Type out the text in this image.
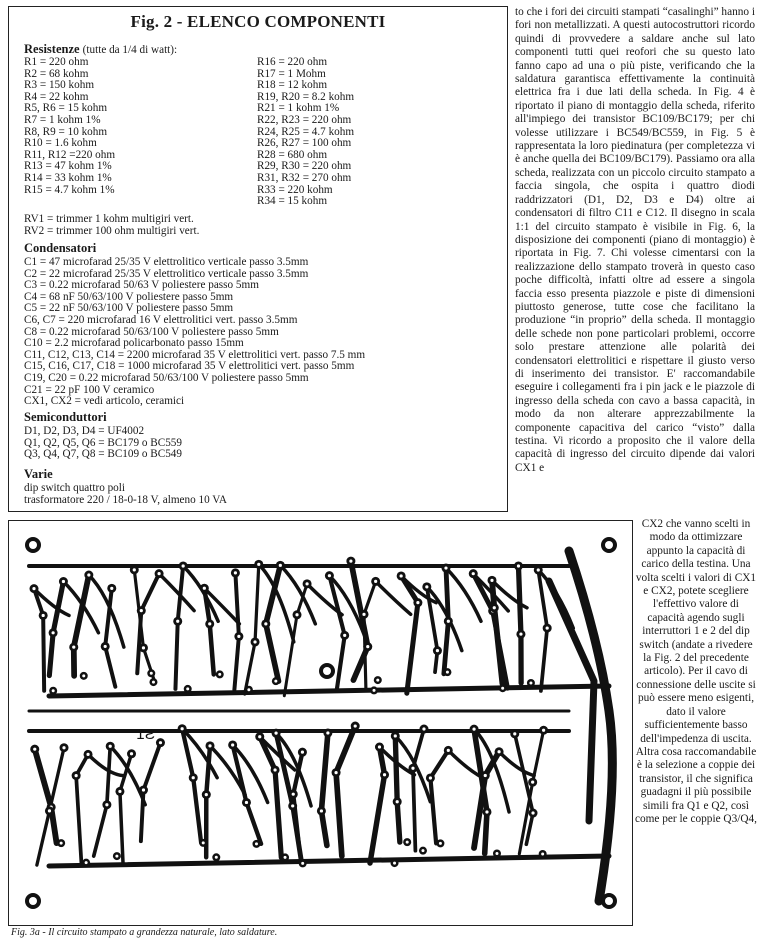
Fig. 2 - ELENCO COMPONENTI
Resistenze (tutte da 1/4 di watt):
R1 = 220 ohm
R2 = 68 kohm
R3 = 150 kohm
R4 = 22 kohm
R5, R6 = 15 kohm
R7 = 1 kohm 1%
R8, R9 = 10 kohm
R10 = 1.6 kohm
R11, R12 =220 ohm
R13 = 47 kohm 1%
R14 = 33 kohm 1%
R15 = 4.7 kohm 1%
R16 = 220 ohm
R17 = 1 Mohm
R18 = 12 kohm
R19, R20 = 8.2 kohm
R21 = 1 kohm 1%
R22, R23 = 220 ohm
R24, R25 = 4.7 kohm
R26, R27 = 100 ohm
R28 = 680 ohm
R29, R30 = 220 ohm
R31, R32 = 270 ohm
R33 = 220 kohm
R34 = 15 kohm
RV1 = trimmer 1 kohm multigiri vert.
RV2 = trimmer 100 ohm multigiri vert.
Condensatori
C1 = 47 microfarad 25/35 V elettrolitico verticale passo 3.5mm
C2 = 22 microfarad 25/35 V elettrolitico verticale passo 3.5mm
C3 = 0.22 microfarad 50/63 V poliestere passo 5mm
C4 = 68 nF 50/63/100 V poliestere passo 5mm
C5 = 22 nF 50/63/100 V poliestere passo 5mm
C6, C7 = 220 microfarad 16 V elettrolitici vert. passo 3.5mm
C8 = 0.22 microfarad 50/63/100 V poliestere passo 5mm
C10 = 2.2 microfarad policarbonato passo 15mm
C11, C12, C13, C14 = 2200 microfarad 35 V elettrolitici vert. passo 7.5 mm
C15, C16, C17, C18 = 1000 microfarad 35 V elettrolitici vert. passo 5mm
C19, C20 = 0.22 microfarad 50/63/100 V poliestere passo 5mm
C21 = 22 pF 100 V ceramico
CX1, CX2 = vedi articolo, ceramici
Semiconduttori
D1, D2, D3, D4 = UF4002
Q1, Q2, Q5, Q6 = BC179 o BC559
Q3, Q4, Q7, Q8 = BC109 o BC549
Varie
dip switch quattro poli
trasformatore 220 / 18-0-18 V, almeno 10 VA

to che i fori dei circuiti stampati “casalinghi” hanno i fori non metallizzati. A questi autocostruttori ricordo quindi di provvedere a saldare anche sul lato componenti tutti quei reofori che su questo lato fanno capo ad una o più piste, verificando che la saldatura garantisca effettivamente la continuità elettrica fra i due lati della scheda. In Fig. 4 è riportato il piano di montaggio della scheda, riferito all'impiego dei transistor BC109/BC179; per chi volesse utilizzare i BC549/BC559, in Fig. 5 è rappresentata la loro piedinatura (per completezza vi è anche quella dei BC109/BC179). Passiamo ora alla scheda, realizzata con un piccolo circuito stampato a faccia singola, che ospita i quattro diodi raddrizzatori (D1, D2, D3 e D4) oltre ai condensatori di filtro C11 e C12. Il disegno in scala 1:1 del circuito stampato è visibile in Fig. 6, la disposizione dei componenti (piano di montaggio) è riportata in Fig. 7. Chi volesse cimentarsi con la realizzazione dello stampato troverà in questo caso poche difficoltà, infatti oltre ad essere a singola faccia esso presenta piazzole e piste di dimensioni piuttosto generose, tutte cose che facilitano la produzione “in proprio” della scheda. Il montaggio delle schede non pone particolari problemi, occorre solo prestare attenzione alle polarità dei condensatori elettrolitici e rispettare il giusto verso di inserimento dei transistor. E' raccomandabile eseguire i collegamenti fra i pin jack e le piazzole di ingresso della scheda con cavo a bassa capacità, in modo da non alterare apprezzabilmente la componente capacitiva del carico “visto” dalla testina. Vi ricordo a proposito che il valore della capacità di ingresso del circuito dipende dai valori CX1 e

S1

CX2 che vanno scelti in modo da ottimizzare appunto la capacità di carico della testina. Una volta scelti i valori di CX1 e CX2, potete scegliere l'effettivo valore di capacità agendo sugli interruttori 1 e 2 del dip switch (andate a rivedere la Fig. 2 del precedente articolo). Per il cavo di connessione delle uscite si può essere meno esigenti, dato il valore sufficientemente basso dell'impedenza di uscita. Altra cosa raccomandabile è la selezione a coppie dei transistor, il che significa guadagni il più possibile simili fra Q1 e Q2, così come per le coppie Q3/Q4,

Fig. 3a - Il circuito stampato a grandezza naturale, lato saldature.
